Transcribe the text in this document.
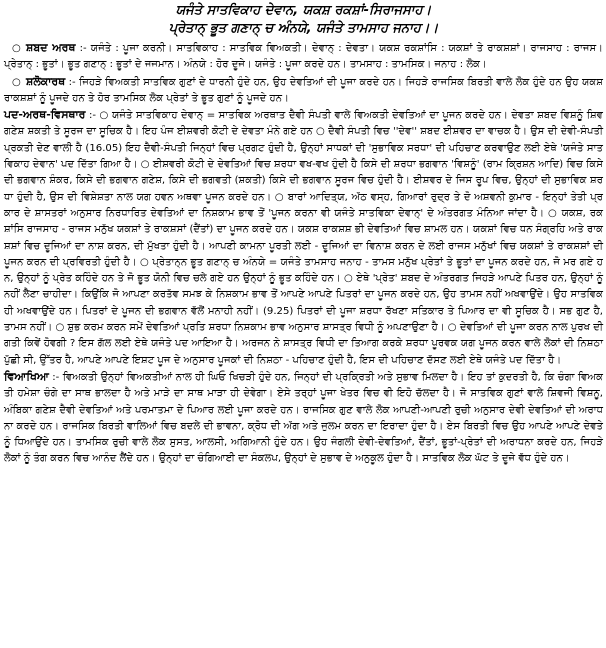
ਯਜੰਤੇ ਸਾਤਵਿਕਾਹ ਦੇਵਾਨ, ਯਕਸ਼ ਰਕਸ਼ਾਂ-ਸਿਰਾਜਸਾਹ।
ਪ੍ਰੇਤਾਨ੍ ਭੂਤ ਗਣਾਨ੍ ਚ ਅੰਨਯੇ, ਯਜੰਤੇ ਤਾਮਸਾਹ ਜਨਾਹ।।

○ ਸ਼ਬਦ ਅਰਥ :- ਯਜੰਤੇ : ਪੂਜਾ ਕਰਨੀ। ਸਾਤਵਿਕਾਹ : ਸਾਤਵਿਕ ਵਿਅਕਤੀ। ਦੇਵਾਨ੍ : ਦੇਵਤਾ। ਯਕਸ਼ ਰਕਸ਼ਾਂਸਿ : ਯਕਸ਼ਾਂ ਤੇ ਰਾਕਸ਼ਸ਼ਾਂ। ਰਾਜਸਾਹ : ਰਾਜਸ। ਪ੍ਰੇਤਾਨ੍ : ਭੂਤਾਂ। ਭੂਤ ਗਣਾਨ੍ : ਭੂਤਾਂ ਦੇ ਜਜਮਾਨ। ਅੰਨਯੇ : ਹੋਰ ਦੂਜੇ। ਯਜੰਤੇ : ਪੂਜਾ ਕਰਦੇ ਹਨ। ਤਾਮਸਾਹ : ਤਾਮਸਿਕ। ਜਨਾਹ : ਲੋਕ।

○ ਸ਼ਲੋਕਾਰਥ :- ਜਿਹੜੇ ਵਿਅਕਤੀ ਸਾਤਵਿਕ ਗੁਣਾਂ ਦੇ ਧਾਰਨੀ ਹੁੰਦੇ ਹਨ, ਉਹ ਦੇਵਤਿਆਂ ਦੀ ਪੂਜਾ ਕਰਦੇ ਹਨ। ਜਿਹੜੇ ਰਾਜਸਿਕ ਬਿਰਤੀ ਵਾਲੇ ਲੋਕ ਹੁੰਦੇ ਹਨ ਉਹ ਯਕਸ਼ ਰਾਕਸ਼ਸ਼ਾਂ ਨੂੰ ਪੂਜਦੇ ਹਨ ਤੇ ਹੋਰ ਤਾਮਸਿਕ ਲੋਕ ਪ੍ਰੇਤਾਂ ਤੇ ਭੂਤ ਗੁਣਾਂ ਨੂੰ ਪੂਜਦੇ ਹਨ।

ਪਦ-ਅਰਥ-ਵਿਸਥਾਰ :- ○ ਯਜੰਤੇ ਸਾਤਵਿਕਾਹ ਦੇਵਾਨ੍ = ਸਾਤਵਿਕ ਅਰਥਾਤ ਦੈਵੀ ਸੰਪਤੀ ਵਾਲੇ ਵਿਅਕਤੀ ਦੇਵਤਿਆਂ ਦਾ ਪੂਜਨ ਕਰਦੇ ਹਨ। ਦੇਵਤਾ ਸ਼ਬਦ ਵਿਸ਼ਨੂੰ ਸ਼ਿਵ ਗਣੇਸ਼ ਸ਼ਕਤੀ ਤੇ ਸੂਰਜ ਦਾ ਸੂਚਿਕ ਹੈ। ਇਹ ਪੰਜ ਈਸ਼ਵਰੀ ਕੋਟੀ ਦੇ ਦੇਵਤਾ ਮੰਨੇ ਗਏ ਹਨ ○ ਦੈਵੀ ਸੰਪਤੀ ਵਿਚ ''ਦੇਵ'' ਸ਼ਬਦ ਈਸ਼ਵਰ ਦਾ ਵਾਚਕ ਹੈ। ਉਸ ਦੀ ਦੇਵੀ-ਸੰਪਤੀ ਪ੍ਰਕਤੀ ਦੇਣ ਵਾਲੀ ਹੈ (16.05) ਇਹ ਦੈਵੀ-ਸੰਪਤੀ ਜਿਨ੍ਹਾਂ ਵਿਚ ਪ੍ਰਗਟ ਹੁੰਦੀ ਹੈ, ਉਨ੍ਹਾਂ ਸਾਧਕਾਂ ਦੀ 'ਸੁਭਾਵਿਕ ਸਰਧਾ' ਦੀ ਪਹਿਚਾਣ ਕਰਵਾਉਣ ਲਈ ਏਥੇ 'ਯਜੰਤੇ ਸਾਤਵਿਕਾਹ ਦੇਵਾਨ' ਪਦ ਦਿੱਤਾ ਗਿਆ ਹੈ। ○ ਈਸ਼ਵਰੀ ਕੋਟੀ ਦੇ ਦੇਵਤਿਆਂ ਵਿਚ ਸ਼ਰਧਾ ਵਖ-ਵਖ ਹੁੰਦੀ ਹੈ ਕਿਸੇ ਦੀ ਸ਼ਰਧਾ ਭਗਵਾਨ 'ਵਿਸ਼ਨੂੰ' (ਰਾਮ ਕ੍ਰਿਸ਼ਨ ਆਦਿ) ਵਿਚ ਕਿਸੇ ਦੀ ਭਗਵਾਨ ਸ਼ੰਕਰ, ਕਿਸੇ ਦੀ ਭਗਵਾਨ ਗਣੇਸ਼, ਕਿਸੇ ਦੀ ਭਗਵਤੀ (ਸ਼ਕਤੀ) ਕਿਸੇ ਦੀ ਭਗਵਾਨ ਸੂਰਜ ਵਿਚ ਹੁੰਦੀ ਹੈ। ਈਸ਼ਵਰ ਦੇ ਜਿਸ ਰੂਪ ਵਿਚ, ਉਨ੍ਹਾਂ ਦੀ ਸੁਭਾਵਿਕ ਸ਼ਰਧਾ ਹੁੰਦੀ ਹੈ, ਉਸ ਦੀ ਵਿਸ਼ੇਸ਼ਤਾ ਨਾਲ ਯਗ ਹਵਨ ਅਥਵਾ ਪੂਜਨ ਕਰਦੇ ਹਨ। ○ ਬਾਰਾਂ ਆਦਿਤ੍ਯ, ਅੱਠ ਵਸ੍ਹ, ਗਿਆਰਾਂ ਰੁਦ੍ਰ ਤੇ ਦੋ ਅਸ਼ਵਨੀ ਕੁਮਾਰ - ਇਨ੍ਹਾਂ ਤੇਤੀ ਪ੍ਰਕਾਰ ਦੇ ਸ਼ਾਸਤਰਾਂ ਅਨੁਸਾਰ ਨਿਰਧਾਰਿਤ ਦੇਵਤਿਆਂ ਦਾ ਨਿਸ਼ਕਾਮ ਭਾਵ ਤੋਂ 'ਪੂਜਨ ਕਰਨਾ ਵੀ ਯਜੰਤੇ ਸਾਤਵਿਕਾ ਦੇਵਾਨ੍' ਦੇ ਅੰਤਰਗਤ ਮੰਨਿਆ ਜਾਂਦਾ ਹੈ। ○ ਯਕਸ਼, ਰਕਸ਼ਾਂਸਿ ਰਾਜਸਾਹ - ਰਾਜਸ ਮਨੁੱਖ ਯਕਸ਼ਾਂ ਤੇ ਰਾਕਸ਼ਸਾਂ (ਦੈਂਤਾਂ) ਦਾ ਪੂਜਨ ਕਰਦੇ ਹਨ। ਯਕਸ਼ ਰਾਕਸ਼ਸ਼ ਭੀ ਦੇਵਤਿਆਂ ਵਿਚ ਸ਼ਾਮਲ ਹਨ। ਯਕਸ਼ਾਂ ਵਿਚ ਧਨ ਸੰਗ੍ਰਹਿ ਅਤੇ ਰਾਕਸ਼ਸ਼ਾਂ ਵਿਚ ਦੂਜਿਆਂ ਦਾ ਨਾਸ਼ ਕਰਨ, ਦੀ ਮੁੱਖਤਾ ਹੁੰਦੀ ਹੈ। ਆਪਣੀ ਕਾਮਨਾ ਪੂਰਤੀ ਲਈ - ਦੂਜਿਆਂ ਦਾ ਵਿਨਾਸ਼ ਕਰਨ ਦੇ ਲਈ ਰਾਜਸ ਮਨੁੱਖਾਂ ਵਿਚ ਯਕਸ਼ਾਂ ਤੇ ਰਾਕਸ਼ਸ਼ਾਂ ਦੀ ਪੂਜਨ ਕਰਨ ਦੀ ਪ੍ਰਵਿਰਤੀ ਹੁੰਦੀ ਹੈ। ○ ਪ੍ਰੇਤਾਨ੍ਨ ਭੂਤ ਗਣਾਨ੍ ਚ ਅੰਨਯੇ = ਯਜੰਤੇ ਤਾਮਸਾਹ ਜਨਾਹ - ਤਾਮਸ ਮਨੁੱਖ ਪ੍ਰੇਤਾਂ ਤੇ ਭੂਤਾਂ ਦਾ ਪੂਜਨ ਕਰਦੇ ਹਨ, ਜੋ ਮਰ ਗਏ ਹਨ, ਉਨ੍ਹਾਂ ਨੂੰ ਪ੍ਰੇਤ ਕਹਿੰਦੇ ਹਨ ਤੇ ਜੋ ਭੂਤ ਯੋਨੀ ਵਿਚ ਚਲੇ ਗਏ ਹਨ ਉਨ੍ਹਾਂ ਨੂੰ ਭੂਤ ਕਹਿੰਦੇ ਹਨ। ○ ਏਥੇ 'ਪ੍ਰੇਤ' ਸ਼ਬਦ ਦੇ ਅੰਤਰਗਤ ਜਿਹੜੇ ਆਪਣੇ ਪਿਤਰ ਹਨ, ਉਨ੍ਹਾਂ ਨੂੰ ਨਹੀਂ ਲੈਣਾ ਚਾਹੀਦਾ। ਕਿਉਂਕਿ ਜੋ ਆਪਣਾ ਕਰਤੱਵ ਸਮਝ ਕੇ ਨਿਸ਼ਕਾਮ ਭਾਵ ਤੋਂ ਆਪਣੇ ਆਪਣੇ ਪਿਤਰਾਂ ਦਾ ਪੂਜਨ ਕਰਦੇ ਹਨ, ਉਹ ਤਾਮਸ ਨਹੀਂ ਅਖਵਾਉਂਦੇ। ਉਹ ਸਾਤਵਿਕ ਹੀ ਅਖਵਾਉਂਦੇ ਹਨ। ਪਿਤਰਾਂ ਦੇ ਪੂਜਨ ਦੀ ਭਗਵਾਨ ਵੱਲੋਂ ਮਨਾਹੀ ਨਹੀਂ। (9.25) ਪਿਤਰਾਂ ਦੀ ਪੂਜਾ ਸ਼ਰਧਾ ਰੱਖਣਾ ਸਤਿਕਾਰ ਤੇ ਪਿਆਰ ਦਾ ਵੀ ਸੂਚਿਕ ਹੈ। ਸਭ ਗੁਣ ਹੈ, ਤਾਮਸ ਨਹੀਂ। ○ ਸ਼ੁਭ ਕਰਮ ਕਰਨ ਸਮੇਂ ਦੇਵਤਿਆਂ ਪ੍ਰਤਿ ਸ਼ਰਧਾ ਨਿਸ਼ਕਾਮ ਭਾਵ ਅਨੁਸਾਰ ਸ਼ਾਸਤ੍ਰ ਵਿਧੀ ਨੂੰ ਅਪਣਾਉਣਾ ਹੈ। ○ ਦੇਵਤਿਆਂ ਦੀ ਪੂਜਾ ਕਰਨ ਨਾਲ ਪੁਰਖ ਦੀ ਗਤੀ ਕਿਵੇਂ ਹੋਵਗੀ ? ਇਸ ਗੱਲ ਲਈ ਏਥੇ ਯਜੰਤੇ ਪਦ ਆਇਆ ਹੈ। ਅਰਜਨ ਨੇ ਸ਼ਾਸਤ੍ਰ ਵਿਧੀ ਦਾ ਤਿਆਗ ਕਰਕੇ ਸ਼ਰਧਾ ਪੂਰਵਕ ਯਗ ਪੂਜਨ ਕਰਨ ਵਾਲੇ ਲੋਕਾਂ ਦੀ ਨਿਸ਼ਠਾ ਪੁੱਛੀ ਸੀ, ਉੱਤਰ ਹੈ, ਆਪਣੇ ਆਪਣੇ ਇਸ਼ਟ ਪੂਜ ਦੇ ਅਨੁਸਾਰ ਪੂਜਕਾਂ ਦੀ ਨਿਸ਼ਠਾ - ਪਹਿਚਾਣ ਹੁੰਦੀ ਹੈ, ਇਸ ਦੀ ਪਹਿਚਾਣ ਦੱਸਣ ਲਈ ਏਥੇ ਯਜੰਤੇ ਪਦ ਦਿੱਤਾ ਹੈ।

ਵਿਆਖਿਆ :- ਵਿਅਕਤੀ ਉਨ੍ਹਾਂ ਵਿਅਕਤੀਆਂ ਨਾਲ ਹੀ ਘਿਓ ਖਿਚੜੀ ਹੁੰਦੇ ਹਨ, ਜਿਨ੍ਹਾਂ ਦੀ ਪ੍ਰਕ੍ਰਿਤੀ ਅਤੇ ਸੁਭਾਵ ਮਿਲਦਾ ਹੈ। ਇਹ ਤਾਂ ਕੁਦਰਤੀ ਹੈ, ਕਿ ਚੰਗਾ ਵਿਅਕਤੀ ਹਮੇਸ਼ਾ ਚੰਗੇ ਦਾ ਸਾਥ ਭਾਲਦਾ ਹੈ ਅਤੇ ਮਾੜੇ ਦਾ ਸਾਥ ਮਾੜਾ ਹੀ ਦੇਵੇਗਾ। ਏਸੇ ਤਰ੍ਹਾਂ ਪੂਜਾ ਖੇਤਰ ਵਿਚ ਵੀ ਇਹੋ ਚੱਲਦਾ ਹੈ। ਜੋ ਸਾਤਵਿਕ ਗੁਣਾਂ ਵਾਲੇ ਸ਼ਿਵਜੀ ਵਿਸ਼ਨੂ, ਅੰਬਿਕਾ ਗਣੇਸ਼ ਦੈਵੀ ਦੇਵਤਿਆਂ ਅਤੇ ਪਰਮਾਤਮਾ ਦੇ ਪਿਆਰ ਲਈ ਪੂਜਾ ਕਰਦੇ ਹਨ। ਰਾਜਸਿਕ ਗੁਣ ਵਾਲੇ ਲੋਕ ਆਪਣੀ-ਆਪਣੀ ਰੁਚੀ ਅਨੁਸਾਰ ਦੇਵੀ ਦੇਵਤਿਆਂ ਦੀ ਅਰਾਧਨਾ ਕਰਦੇ ਹਨ। ਰਾਜਸਿਕ ਬਿਰਤੀ ਵਾਲਿਆਂ ਵਿਚ ਬਦਲੇ ਦੀ ਭਾਵਨਾ, ਕ੍ਰੋਧ ਦੀ ਅੱਗ ਅਤੇ ਜੁਲਮ ਕਰਨ ਦਾ ਇਰਾਦਾ ਹੁੰਦਾ ਹੈ। ਏਸ ਬਿਰਤੀ ਵਿਚ ਉਹ ਆਪਣੇ ਆਪਣੇ ਦੇਵਤੇ ਨੂੰ ਧਿਆਉਂਦੇ ਹਨ। ਤਾਮਸਿਕ ਰੁਚੀ ਵਾਲੇ ਲੋਕ ਸੁਸਤ, ਆਲਸੀ, ਅਗਿਆਨੀ ਹੁੰਦੇ ਹਨ। ਉਹ ਜੰਗਲੀ ਦੇਵੀ-ਦੇਵਤਿਆਂ, ਦੈਂਤਾਂ, ਭੂਤਾਂ-ਪ੍ਰੇਤਾਂ ਦੀ ਅਰਾਧਨਾ ਕਰਦੇ ਹਨ, ਜਿਹੜੇ ਲੋਕਾਂ ਨੂੰ ਤੰਗ ਕਰਨ ਵਿਚ ਆਨੰਦ ਲੈਂਦੇ ਹਨ। ਉਨ੍ਹਾਂ ਦਾ ਚੰਗਿਆਈ ਦਾ ਸੰਕਲਪ, ਉਨ੍ਹਾਂ ਦੇ ਸੁਭਾਵ ਦੇ ਅਨੁਕੂਲ ਹੁੰਦਾ ਹੈ। ਸਾਤਵਿਕ ਲੋਕ ਘੱਟ ਤੇ ਦੂਜੇ ਵੱਧ ਹੁੰਦੇ ਹਨ।
